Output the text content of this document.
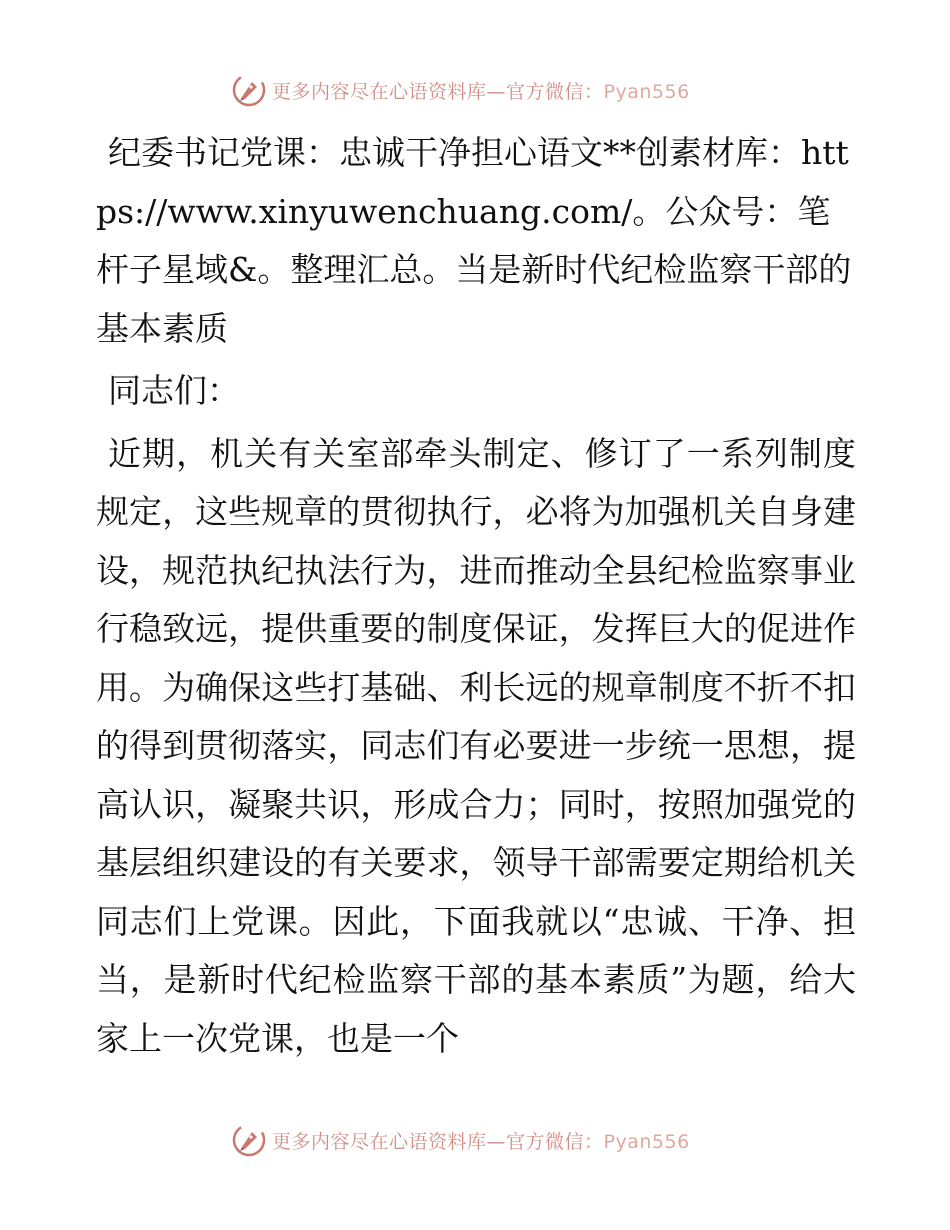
更多内容尽在心语资料库—官方微信：Pyan556

纪委书记党课：忠诚干净担心语文**创素材库：https://www.xinyuwenchuang.com/。公众号：笔杆子星域&。整理汇总。当是新时代纪检监察干部的基本素质

同志们：

近期，机关有关室部牵头制定、修订了一系列制度规定，这些规章的贯彻执行，必将为加强机关自身建设，规范执纪执法行为，进而推动全县纪检监察事业行稳致远，提供重要的制度保证，发挥巨大的促进作用。为确保这些打基础、利长远的规章制度不折不扣的得到贯彻落实，同志们有必要进一步统一思想，提高认识，凝聚共识，形成合力；同时，按照加强党的基层组织建设的有关要求，领导干部需要定期给机关同志们上党课。因此，下面我就以“忠诚、干净、担当，是新时代纪检监察干部的基本素质”为题，给大家上一次党课，也是一个

更多内容尽在心语资料库—官方微信：Pyan556
